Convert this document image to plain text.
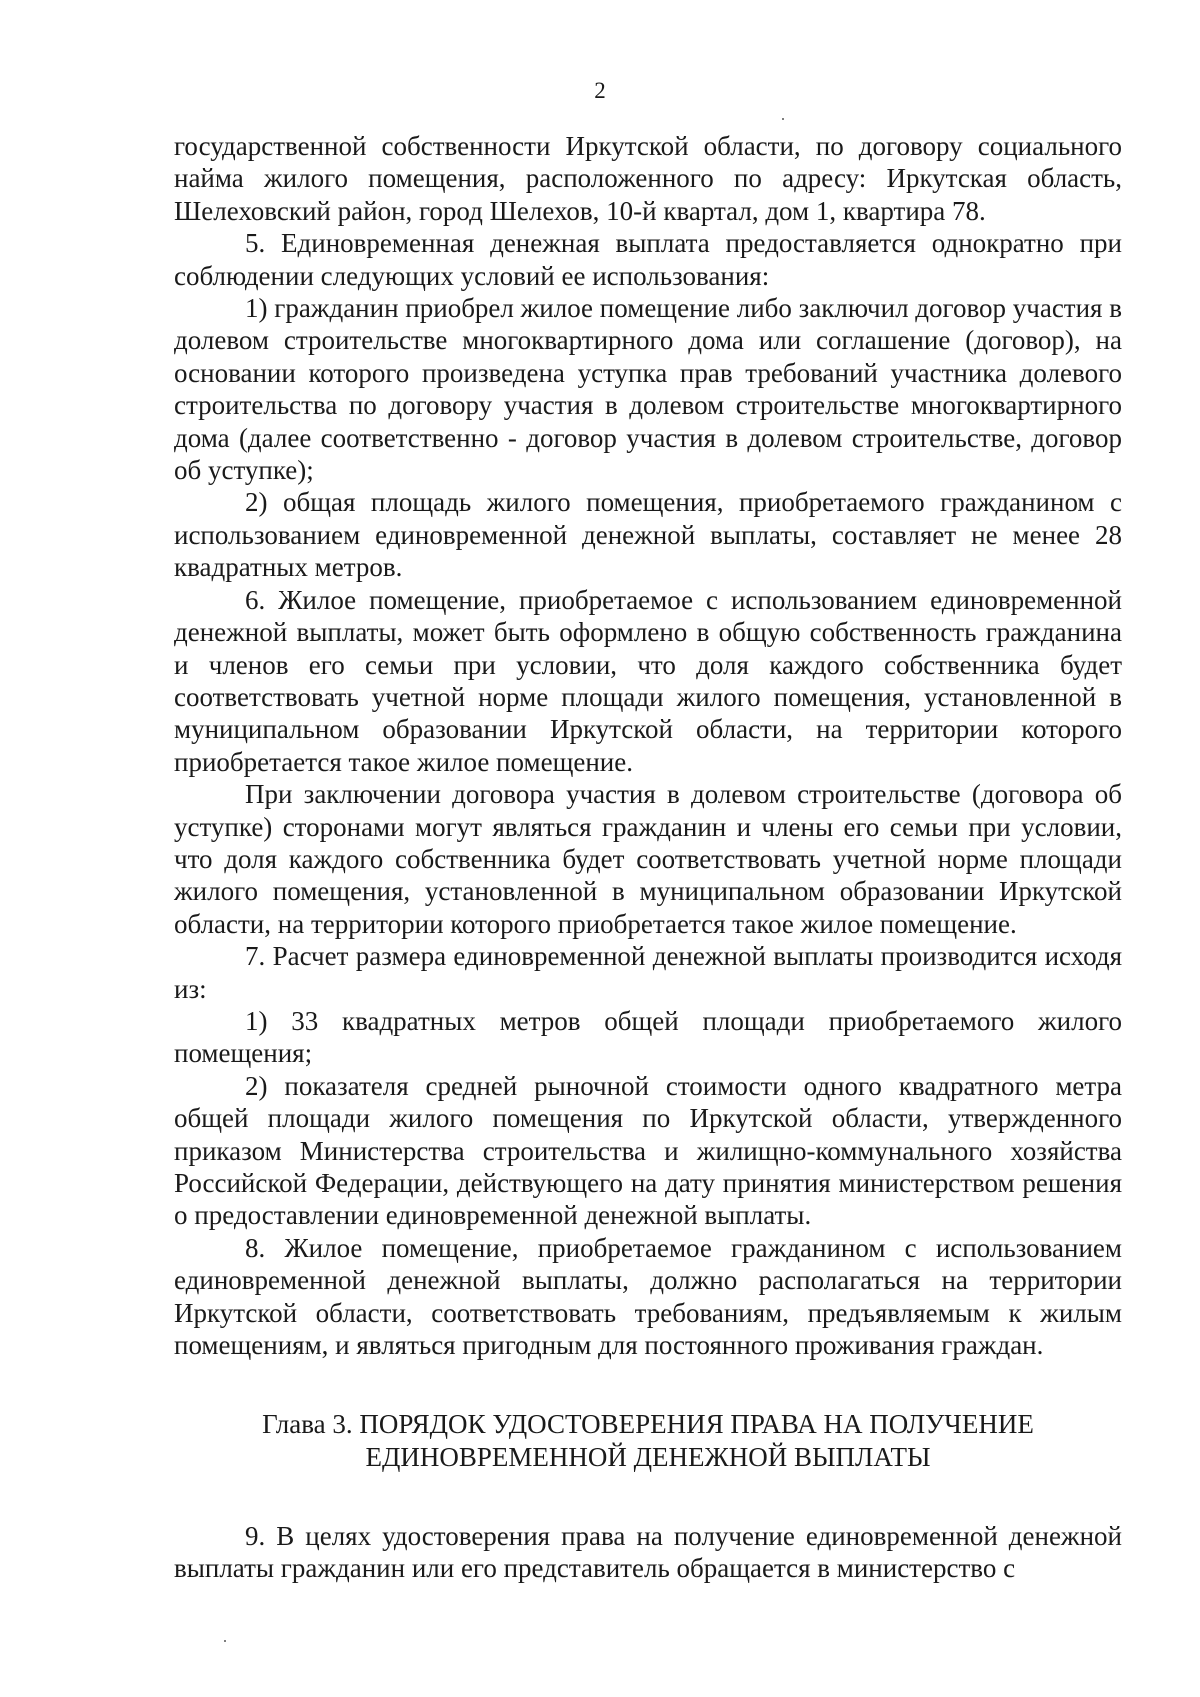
2

государственной собственности Иркутской области, по договору социального найма жилого помещения, расположенного по адресу: Иркутская область, Шелеховский район, город Шелехов, 10-й квартал, дом 1, квартира 78.

5. Единовременная денежная выплата предоставляется однократно при соблюдении следующих условий ее использования:

1) гражданин приобрел жилое помещение либо заключил договор участия в долевом строительстве многоквартирного дома или соглашение (договор), на основании которого произведена уступка прав требований участника долевого строительства по договору участия в долевом строительстве многоквартирного дома (далее соответственно - договор участия в долевом строительстве, договор об уступке);

2) общая площадь жилого помещения, приобретаемого гражданином с использованием единовременной денежной выплаты, составляет не менее 28 квадратных метров.

6. Жилое помещение, приобретаемое с использованием единовременной денежной выплаты, может быть оформлено в общую собственность гражданина и членов его семьи при условии, что доля каждого собственника будет соответствовать учетной норме площади жилого помещения, установленной в муниципальном образовании Иркутской области, на территории которого приобретается такое жилое помещение.

При заключении договора участия в долевом строительстве (договора об уступке) сторонами могут являться гражданин и члены его семьи при условии, что доля каждого собственника будет соответствовать учетной норме площади жилого помещения, установленной в муниципальном образовании Иркутской области, на территории которого приобретается такое жилое помещение.

7. Расчет размера единовременной денежной выплаты производится исходя из:

1) 33 квадратных метров общей площади приобретаемого жилого помещения;

2) показателя средней рыночной стоимости одного квадратного метра общей площади жилого помещения по Иркутской области, утвержденного приказом Министерства строительства и жилищно-коммунального хозяйства Российской Федерации, действующего на дату принятия министерством решения о предоставлении единовременной денежной выплаты.

8. Жилое помещение, приобретаемое гражданином с использованием единовременной денежной выплаты, должно располагаться на территории Иркутской области, соответствовать требованиям, предъявляемым к жилым помещениям, и являться пригодным для постоянного проживания граждан.

Глава 3. ПОРЯДОК УДОСТОВЕРЕНИЯ ПРАВА НА ПОЛУЧЕНИЕ
ЕДИНОВРЕМЕННОЙ ДЕНЕЖНОЙ ВЫПЛАТЫ

9. В целях удостоверения права на получение единовременной денежной выплаты гражданин или его представитель обращается в министерство с
